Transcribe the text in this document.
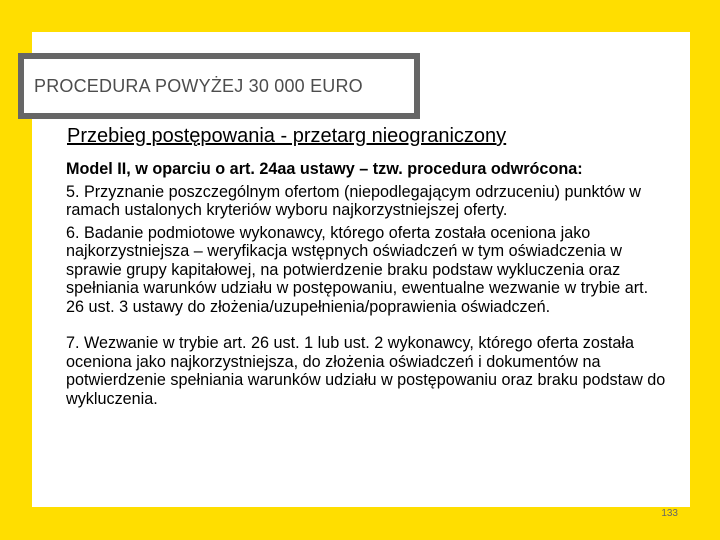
PROCEDURA POWYŻEJ 30 000 EURO
Przebieg postępowania - przetarg nieograniczony

Model II, w oparciu o art. 24aa ustawy – tzw. procedura odwrócona:

5. Przyznanie poszczególnym ofertom (niepodlegającym odrzuceniu) punktów w ramach ustalonych kryteriów wyboru najkorzystniejszej oferty.

6. Badanie podmiotowe wykonawcy, którego oferta została oceniona jako najkorzystniejsza – weryfikacja wstępnych oświadczeń w tym oświadczenia w sprawie grupy kapitałowej, na potwierdzenie braku podstaw wykluczenia oraz spełniania warunków udziału w postępowaniu, ewentualne wezwanie w trybie art. 26 ust. 3 ustawy do złożenia/uzupełnienia/poprawienia oświadczeń.

7. Wezwanie w trybie art. 26 ust. 1 lub ust. 2 wykonawcy, którego oferta została oceniona jako najkorzystniejsza, do złożenia oświadczeń i dokumentów na potwierdzenie spełniania warunków udziału w postępowaniu oraz braku podstaw do wykluczenia.

133
